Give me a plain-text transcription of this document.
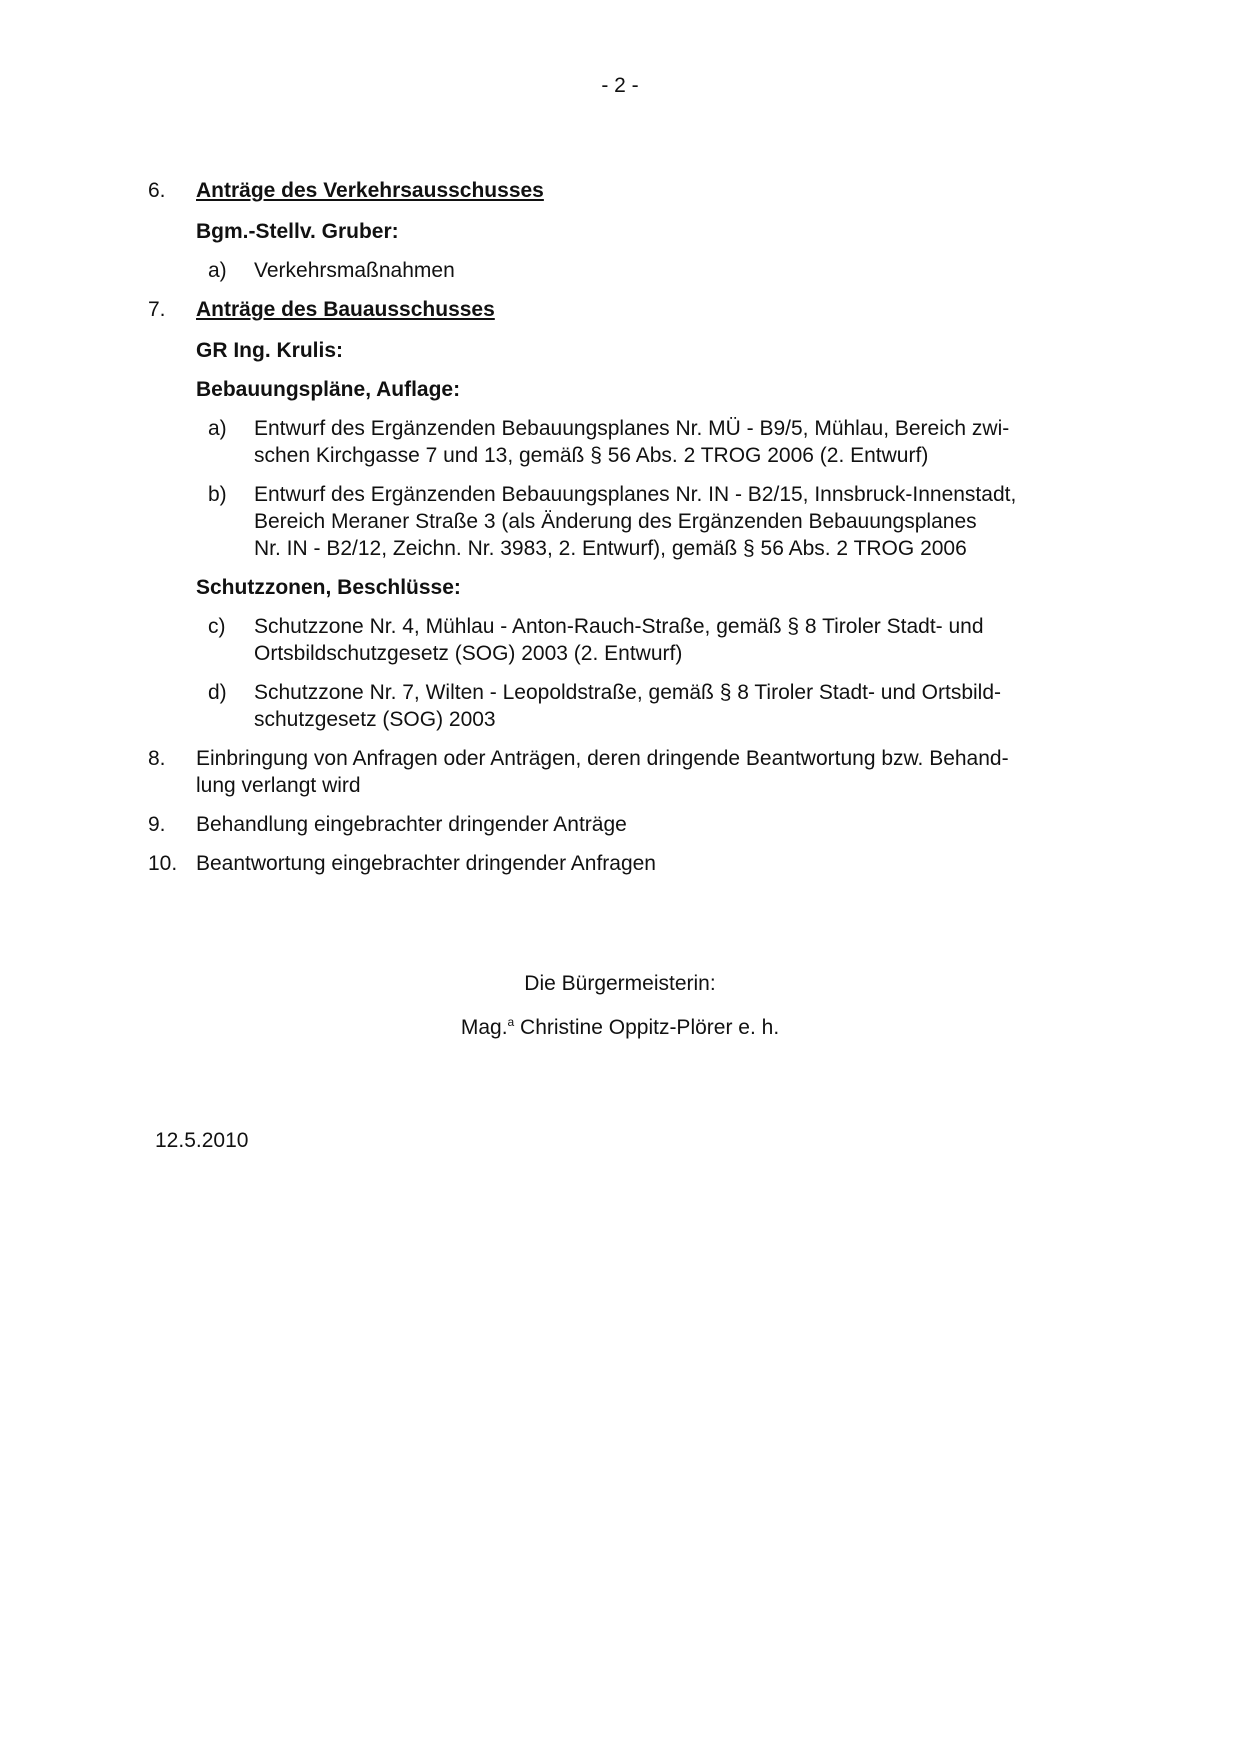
- 2 -
6. Anträge des Verkehrsausschusses
Bgm.-Stellv. Gruber:
a) Verkehrsmaßnahmen
7. Anträge des Bauausschusses
GR Ing. Krulis:
Bebauungspläne, Auflage:
a) Entwurf des Ergänzenden Bebauungsplanes Nr. MÜ - B9/5, Mühlau, Bereich zwi-
schen Kirchgasse 7 und 13, gemäß § 56 Abs. 2 TROG 2006 (2. Entwurf)
b) Entwurf des Ergänzenden Bebauungsplanes Nr. IN - B2/15, Innsbruck-Innenstadt,
Bereich Meraner Straße 3 (als Änderung des Ergänzenden Bebauungsplanes
Nr. IN - B2/12, Zeichn. Nr. 3983, 2. Entwurf), gemäß § 56 Abs. 2 TROG 2006
Schutzzonen, Beschlüsse:
c) Schutzzone Nr. 4, Mühlau - Anton-Rauch-Straße, gemäß § 8 Tiroler Stadt- und
Ortsbildschutzgesetz (SOG) 2003 (2. Entwurf)
d) Schutzzone Nr. 7, Wilten - Leopoldstraße, gemäß § 8 Tiroler Stadt- und Ortsbild-
schutzgesetz (SOG) 2003
8. Einbringung von Anfragen oder Anträgen, deren dringende Beantwortung bzw. Behand-
lung verlangt wird
9. Behandlung eingebrachter dringender Anträge
10. Beantwortung eingebrachter dringender Anfragen
Die Bürgermeisterin:
Mag.$^a$ Christine Oppitz-Plörer e. h.
12.5.2010
